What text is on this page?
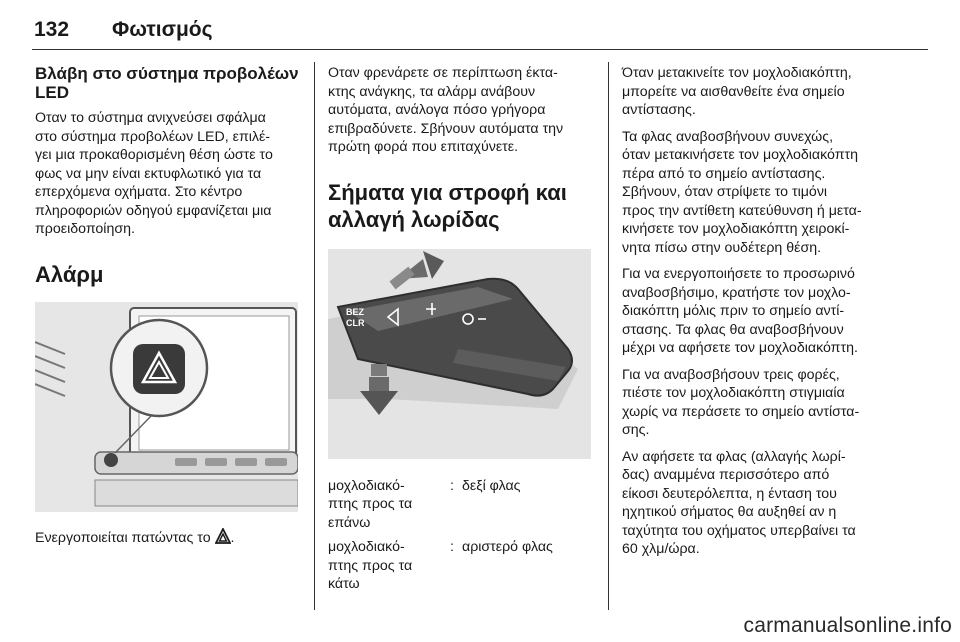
132 Φωτισμός
Βλάβη στο σύστημα προβολέων
LED

Οταν το σύστημα ανιχνεύσει σφάλμα
στο σύστημα προβολέων LED, επιλέ-
γει μια προκαθορισμένη θέση ώστε το
φως να μην είναι εκτυφλωτικό για τα
επερχόμενα οχήματα. Στο κέντρο
πληροφοριών οδηγού εμφανίζεται μια
προειδοποίηση.

Αλάρμ
Ενεργοποιείται πατώντας το .

Οταν φρενάρετε σε περίπτωση έκτα-
κτης ανάγκης, τα αλάρμ ανάβουν
αυτόματα, ανάλογα πόσο γρήγορα
επιβραδύνετε. Σβήνουν αυτόματα την
πρώτη φορά που επιταχύνετε.

Σήματα για στροφή και
αλλαγή λωρίδας
BEZ
CLR
μοχλοδιακό-
πτης προς τα
επάνω
: δεξί φλας
μοχλοδιακό-
πτης προς τα
κάτω
: αριστερό φλας

Όταν μετακινείτε τον μοχλοδιακόπτη,
μπορείτε να αισθανθείτε ένα σημείο
αντίστασης.

Τα φλας αναβοσβήνουν συνεχώς,
όταν μετακινήσετε τον μοχλοδιακόπτη
πέρα από το σημείο αντίστασης.
Σβήνουν, όταν στρίψετε το τιμόνι
προς την αντίθετη κατεύθυνση ή μετα-
κινήσετε τον μοχλοδιακόπτη χειροκί-
νητα πίσω στην ουδέτερη θέση.

Για να ενεργοποιήσετε το προσωρινό
αναβοσβήσιμο, κρατήστε τον μοχλο-
διακόπτη μόλις πριν το σημείο αντί-
στασης. Τα φλας θα αναβοσβήνουν
μέχρι να αφήσετε τον μοχλοδιακόπτη.

Για να αναβοσβήσουν τρεις φορές,
πιέστε τον μοχλοδιακόπτη στιγμιαία
χωρίς να περάσετε το σημείο αντίστα-
σης.

Αν αφήσετε τα φλας (αλλαγής λωρί-
δας) αναμμένα περισσότερο από
είκοσι δευτερόλεπτα, η ένταση του
ηχητικού σήματος θα αυξηθεί αν η
ταχύτητα του οχήματος υπερβαίνει τα
60 χλμ/ώρα.

carmanualsonline.info
